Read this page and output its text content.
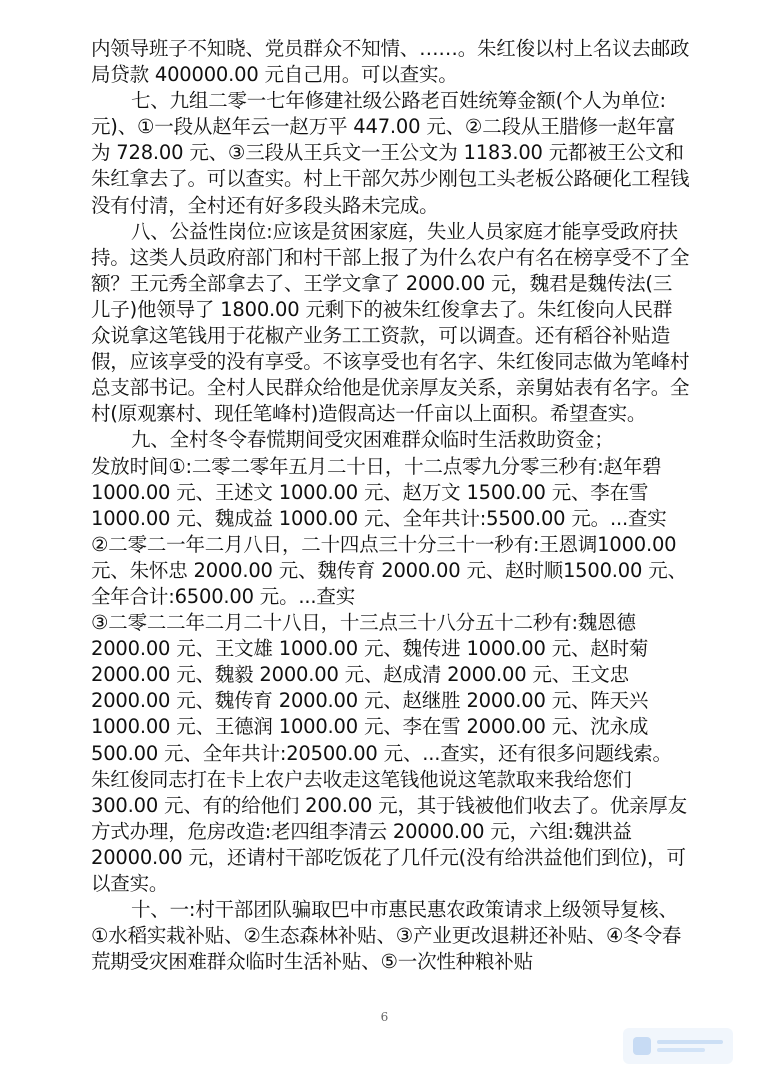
内领导班子不知晓、党员群众不知情、……。朱红俊以村上名议去邮政局贷款 400000.00 元自己用。可以查实。

七、九组二零一七年修建社级公路老百姓统筹金额(个人为单位:元)、①一段从赵年云一赵万平 447.00 元、②二段从王腊修一赵年富为 728.00 元、③三段从王兵文一王公文为 1183.00 元都被王公文和朱红拿去了。可以查实。村上干部欠苏少刚包工头老板公路硬化工程钱没有付清，全村还有好多段头路未完成。

八、公益性岗位:应该是贫困家庭，失业人员家庭才能享受政府扶持。这类人员政府部门和村干部上报了为什么农户有名在榜享受不了全额？王元秀全部拿去了、王学文拿了 2000.00 元，魏君是魏传法(三儿子)他领导了 1800.00 元剩下的被朱红俊拿去了。朱红俊向人民群众说拿这笔钱用于花椒产业务工工资款，可以调查。还有稻谷补贴造假，应该享受的没有享受。不该享受也有名字、朱红俊同志做为笔峰村总支部书记。全村人民群众给他是优亲厚友关系，亲舅姑表有名字。全村(原观寨村、现任笔峰村)造假高达一仟亩以上面积。希望查实。

九、全村冬令春慌期间受灾困难群众临时生活救助资金；

发放时间①:二零二零年五月二十日，十二点零九分零三秒有:赵年碧 1000.00 元、王述文 1000.00 元、赵万文 1500.00 元、李在雪1000.00 元、魏成益 1000.00 元、全年共计:5500.00 元。...查实

②二零二一年二月八日，二十四点三十分三十一秒有:王恩调1000.00 元、朱怀忠 2000.00 元、魏传育 2000.00 元、赵时顺1500.00 元、全年合计:6500.00 元。...查实

③二零二二年二月二十八日，十三点三十八分五十二秒有:魏恩德2000.00 元、王文雄 1000.00 元、魏传进 1000.00 元、赵时菊2000.00 元、魏毅 2000.00 元、赵成清 2000.00 元、王文忠2000.00 元、魏传育 2000.00 元、赵继胜 2000.00 元、阵天兴1000.00 元、王德润 1000.00 元、李在雪 2000.00 元、沈永成500.00 元、全年共计:20500.00 元、...查实，还有很多问题线索。

朱红俊同志打在卡上农户去收走这笔钱他说这笔款取来我给您们300.00 元、有的给他们 200.00 元，其于钱被他们收去了。优亲厚友方式办理，危房改造:老四组李清云 20000.00 元，六组:魏洪益 20000.00 元，还请村干部吃饭花了几仟元(没有给洪益他们到位)，可以查实。

十、一:村干部团队骗取巴中市惠民惠农政策请求上级领导复核、①水稻实栽补贴、②生态森林补贴、③产业更改退耕还补贴、④冬令春荒期受灾困难群众临时生活补贴、⑤一次性种粮补贴

6
